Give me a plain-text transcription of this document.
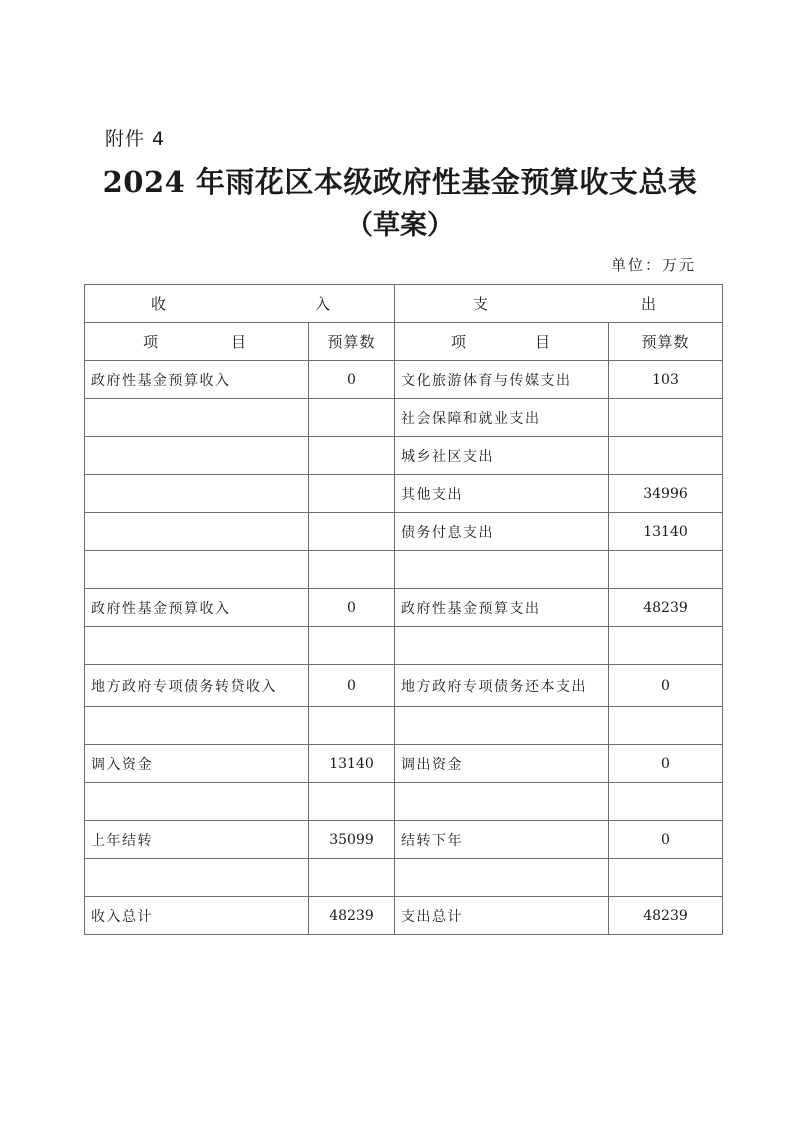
附件 4
2024 年雨花区本级政府性基金预算收支总表
（草案）
单位：万元
收 入		支 出	

项 目	预算数	项 目	预算数
政府性基金预算收入	0	文化旅游体育与传媒支出	103
		社会保障和就业支出	
		城乡社区支出	
		其他支出	34996
		债务付息支出	13140

政府性基金预算收入	0	政府性基金预算支出	48239

地方政府专项债务转贷收入	0	地方政府专项债务还本支出	0

调入资金	13140	调出资金	0

上年结转	35099	结转下年	0

收入总计	48239	支出总计	48239
